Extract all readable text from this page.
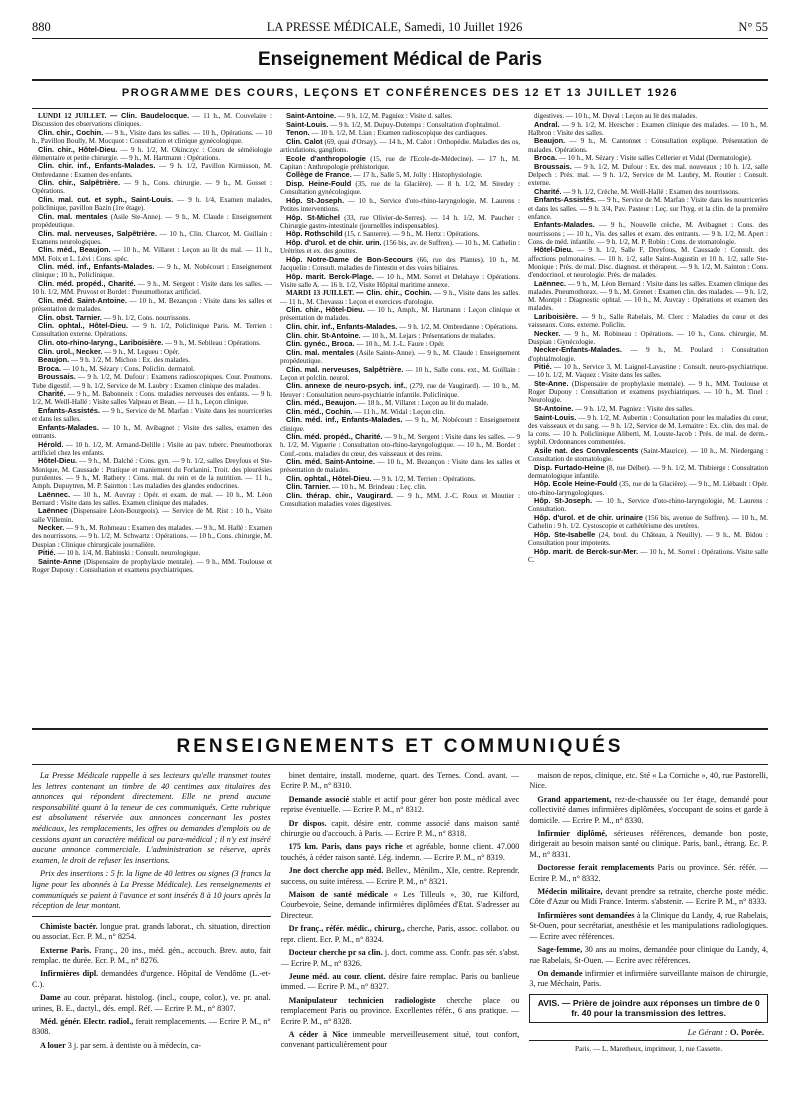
880	LA PRESSE MÉDICALE, Samedi, 10 Juillet 1926	N° 55
Enseignement Médical de Paris
PROGRAMME DES COURS, LEÇONS ET CONFÉRENCES DES 12 ET 13 JUILLET 1926

LUNDI 12 JUILLET. — Clin. Baudelocque. — 11 h., M. Couvelaire : Discussion des observations cliniques.

Clin. chir., Cochin. — 9 h., Visite dans les salles. — 10 h., Opérations. — 10 h., Pavillon Boully, M. Mocquot : Consultation et clinique gynécologique.

Clin. chir., Hôtel-Dieu. — 9 h. 1/2, M. Okinczyc : Cours de séméiologie élémentaire et petite chirurgie. — 9 h., M. Hartmann : Opérations.

Clin. chir. inf., Enfants-Malades. — 9 h. 1/2, Pavillon Kirmisson, M. Ombredanne : Examen des enfants.

Clin. chir., Salpêtrière. — 9 h., Cons. chirurgie. — 9 h., M. Gosset : Opérations.

Clin. mal. cut. et syph., Saint-Louis. — 9 h. 1/4, Examen malades, policlinique, pavillon Bazin (1re étage).

Clin. mal. mentales (Asile Ste-Anne). — 9 h., M. Claude : Enseignement propédeutique.

Clin. mal. nerveuses, Salpêtrière. — 10 h., Clin. Charcot, M. Guillain : Examens neurologiques.

Clin. méd., Beaujon. — 10 h., M. Villaret : Leçon au lit du mal. — 11 h., MM. Foix et L. Lévi : Cons. spéc.

Clin. méd. inf., Enfants-Malades. — 9 h., M. Nobécourt : Enseignement clinique ; 10 h., Policlinique.

Clin. méd. propéd., Charité. — 9 h., M. Sergent : Visite dans les salles. — 10 h. 1/2, MM. Pruvost et Bordet : Pneumothorax artificiel.

Clin. méd. Saint-Antoine. — 10 h., M. Bezançon : Visite dans les salles et présentation de malades.

Clin. obst. Tarnier. — 9 h. 1/2, Cons. nourrissons.

Clin. ophtal., Hôtel-Dieu. — 9 h. 1/2, Policlinique Paris. M. Terrien : Consultation externe. Opérations.

Clin. oto-rhino-laryng., Lariboisière. — 9 h., M. Sebileau : Opérations.

Clin. urol., Necker. — 9 h., M. Legueu : Opér.

Beaujon. — 9 h. 1/2, M. Michon : Ex. des malades.

Broca. — 10 h., M. Sézary : Cons. Policlin. dermatol.

Broussais. — 9 h. 1/2, M. Dufour : Examens radioscopiques. Cour. Poumons. Tube digestif. — 9 h. 1/2, Service de M. Laubry : Examen clinique des malades.

Charité. — 9 h., M. Babonneix : Cons. maladies nerveuses des enfants. — 9 h. 1/2, M. Weill-Hallé : Visite salles Valpeau et Bean. — 11 h., Leçon clinique.

Enfants-Assistés. — 9 h., Service de M. Marfan : Visite dans les nourriceries et dans les salles.

Enfants-Malades. — 10 h., M. Avibagnet : Visite des salles, examen des entrants.

Hérold. — 10 h. 1/2, M. Armand-Delille : Visite au pav. tuberc. Pneumothorax artificiel chez les enfants.

Hôtel-Dieu. — 9 h., M. Dalché : Cons. gyn. — 9 h. 1/2, salles Dreyfous et Ste-Monique, M. Caussade : Pratique et maniement du Forlanini. Troit. des pleurésies purulentes. — 9 h., M. Rathery : Cons. mal. du rein et de la nutrition. — 11 h., Amph. Dupuytren, M. P. Saintton : Les maladies des glandes endocrines.

Laënnec. — 10 h., M. Auvray : Opér. et exam. de mal. — 10 h., M. Léon Bernard : Visite dans les salles. Examen clinique des malades.

Laënnec (Dispensaire Léon-Bourgeois). — Service de M. Rist : 10 h., Visite salle Villemin.

Necker. — 9 h., M. Rohmeau : Examen des malades. — 9 h., M. Hallé : Examen des nourrissons. — 9 h. 1/2, M. Schwartz : Opérations. — 10 h., Cons. chirurgie, M. Duspian : Clinique chirurgicale journalière.

Pitié. — 10 h. 1/4, M. Babinski : Consult. neurologique.

Sainte-Anne (Dispensaire de prophylaxie mentale). — 9 h., MM. Toulouse et Roger Dupouy : Consultation et examens psychiatriques.

Saint-Antoine. — 9 h. 1/2, M. Pagniez : Visite d. salles.

Saint-Louis. — 9 h. 1/2, M. Dupuy-Dutemps : Consultation d'ophtalmol.

Tenon. — 10 h. 1/2, M. Lian : Examen radioscopique des cardiaques.

Clin. Calot (69, quai d'Orsay). — 14 h., M. Calot : Orthopédie. Maladies des os, articulations, ganglions.

Ecole d'anthropologie (15, rue de l'Ecole-de-Médecine). — 17 h., M. Capitan : Anthropologie préhistorique.

Collège de France. — 17 h., Salle 5, M. Jolly : Histophysiologie.

Disp. Heine-Fould (35, rue de la Glacière). — 8 h. 1/2, M. Siredey : Consultation gynécologique.

Hôp. St-Joseph. — 10 h., Service d'oto-rhino-laryngologie, M. Laurens : Petites interventions.

Hôp. St-Michel (33, rue Olivier-de-Serres). — 14 h. 1/2, M. Paucher : Chirurgie gastro-intestinale (journellles indispensables).

Hôp. Rothschild (15, r. Santerre). — 9 h., M. Hertz : Opérations.

Hôp. d'urol. et de chir. urin. (156 bis, av. de Suffren). — 10 h., M. Cathelin : Urétrites et ex. des gouttes.

Hôp. Notre-Dame de Bon-Secours (66, rue des Plantes). 10 h., M. Jacquelin : Consult. maladies de l'intestin et des voies biliaires.

Hôp. marit. Berck-Plage. — 10 h., MM. Sorrel et Delahaye : Opérations. Visite salle A. — 16 h. 1/2, Visite Hôpital maritime annexe.

MARDI 13 JUILLET. — Clin. chir., Cochin. — 9 h., Visite dans les salles. — 11 h., M. Chevassu : Leçon et exercices d'urologie.

Clin. chir., Hôtel-Dieu. — 10 h., Amph., M. Hartmann : Leçon clinique et présentation de malades.

Clin. chir. inf., Enfants-Malades. — 9 h. 1/2, M. Ombredanne : Opérations.

Clin. chir. St-Antoine. — 10 h., M. Lejars : Présentations de malades.

Clin. gynéc., Broca. — 10 h., M. J.-L. Faure : Opér.

Clin. mal. mentales (Asile Sainte-Anne). — 9 h., M. Claude : Enseignement propédeutique.

Clin. mal. nerveuses, Salpêtrière. — 10 h., Salle cons. ext., M. Guillain : Leçon et polclin. neurol.

Clin. annexe de neuro-psych. inf., (279, rue de Vaugirard). — 10 h., M. Heuyer : Consultation neuro-psychiatrie infantile. Policlinique.

Clin. méd., Beaujon. — 18 h., M. Villaret : Leçon au lit du malade.

Clin. méd., Cochin. — 11 h., M. Widal : Leçon clin.

Clin. méd. inf., Enfants-Malades. — 9 h., M. Nobécourt : Enseignement clinique.

Clin. méd. propéd., Charité. — 9 h., M. Sergent : Visite dans les salles. — 9 h. 1/2, M. Viguerie : Consultation oto-rhino-laryngologique. — 10 h., M. Bordet : Conf.-cons. maladies du cœur, des vaisseaux et des reins.

Clin. méd. Saint-Antoine. — 10 h., M. Bezançon : Visite dans les salles et présentation de malades.

Clin. ophtal., Hôtel-Dieu. — 9 h. 1/2, M. Terrien : Opérations.

Clin. Tarnier. — 10 h., M. Brindeau : Leç. clin.

Clin. thérap. chir., Vaugirard. — 9 h., MM. J.-C. Roux et Moutier : Consultation maladies voies digestives.

digestives. — 10 h., M. Duval : Leçon au lit des malades.

Andral. — 9 h. 1/2, M. Herscher : Examen clinique des malades. — 10 h., M. Halbron : Visite des salles.

Beaujon. — 9 h., M. Cantonnet : Consultation explique. Présentation de malades. Opérations.

Broca. — 10 h., M. Sézary : Visite salles Cellerier et Vidal (Dermatologie).

Broussais. — 9 h. 1/2, M. Dufour : Ex. des mal. nouveaux ; 10 h. 1/2, salle Delpech : Prés. mal. — 9 h. 1/2, Service de M. Laubry, M. Routier : Consult. externe.

Charité. — 9 h. 1/2, Crèche, M. Weill-Hallé : Examen des nourrissons.

Enfants-Assistés. — 9 h., Service de M. Marfan : Visite dans les nourriceries et dans les salles. — 9 h. 3/4, Pav. Pasteur : Leç. sur l'hyg. et la clin. de la première enfance.

Enfants-Malades. — 9 h., Nouvelle crèche, M. Avibagnet : Cons. des nourrissons ; — 10 h., Vis. des salles et exam. des entrants. — 9 h. 1/2, M. Apert : Cons. de méd. infantile. — 9 h. 1/2, M. P. Robin : Cons. de stomatologie.

Hôtel-Dieu. — 9 h. 1/2, Salle F. Dreyfous, M. Caussade : Consult. des affections pulmonaires. — 10 h. 1/2, salle Saint-Augustin et 10 h. 1/2, salle Ste-Monique : Prés. de mal. Disc. diagnost. et thérapeut. — 9 h. 1/2, M. Sainton : Cons. d'endocrinol. et neurologie. Prés. de malades.

Laënnec. — 9 h., M. Léon Bernard : Visite dans les salles. Examen clinique des malades. Pneumothorax. — 9 h., M. Grenet : Examen clin. des malades. — 9 h. 1/2, M. Montpit : Diagnostic ophtal. — 10 h., M. Auvray : Opérations et examen des malades.

Lariboisière. — 9 h., Salle Rabelais, M. Clerc : Maladies du cœur et des vaisseaux. Cons. externe. Policlin.

Necker. — 9 h., M. Robineau : Opérations. — 10 h., Cons. chirurgie, M. Duspian : Gynécologie.

Necker-Enfants-Malades. — 9 h., M. Poulard : Consultation d'ophtalmologie.

Pitié. — 10 h., Service 3, M. Laignel-Lavastine : Consult. neuro-psychiatrique. — 10 h. 1/2, M. Vaquez : Visite dans les salles.

Ste-Anne. (Dispensaire de prophylaxie mentale). — 9 h., MM. Toulouse et Roger Dupouy : Consultation et examens psychiatriques. — 10 h., M. Tinel : Neurologie.

St-Antoine. — 9 h. 1/2, M. Pagniez : Visite des salles.

Saint-Louis. — 9 h. 1/2, M. Aubertin : Consultation pour les maladies du cœur, des vaisseaux et du sang. — 9 h. 1/2, Service de M. Lemaitre : Ex. clin. des mal. de la cons. — 10 h. Policlinique Aliberti, M. Louste-Jacob : Prés. de mal. de derm.-syphil. Ordonnances commentées.

Asile nat. des Convalescents (Saint-Maurice). — 10 h., M. Niedergang : Consultation de stomatologie.

Disp. Furtado-Heine (8, rue Delbet). — 9 h. 1/2, M. Thibierge : Consultation dermatologique infantile.

Hôp. Ecole Heine-Fould (35, rue de la Glacière). — 9 h., M. Lièbault : Opér. oto-rhino-laryngologiques.

Hôp. St-Joseph. — 10 h., Service d'oto-rhino-laryngologie, M. Laurens : Consultation.

Hôp. d'urol. et de chir. urinaire (156 bis, avenue de Suffren). — 10 h., M. Cathelin : 9 h. 1/2. Cystoscopie et cathétérisme des uretères.

Hôp. Ste-Isabelle (24, boul. du Château, à Neuilly). — 9 h., M. Bidou : Consultation pour impotents.

Hôp. marit. de Berck-sur-Mer. — 10 h., M. Sorrel : Opérations. Visite salle C.

RENSEIGNEMENTS ET COMMUNIQUÉS

La Presse Médicale rappelle à ses lecteurs qu'elle transmet toutes les lettres contenant un timbre de 40 centimes aux titulaires des annonces qui répondent directement. Elle ne prend aucune responsabilité quant à la teneur de ces communiqués. Cette rubrique est absolument réservée aux annonces concernant les postes médicaux, les remplacements, les offres ou demandes d'emplois ou de cessions ayant un caractère médical ou para-médical ; il n'y est inséré aucune annonce commerciale. L'administration se réserve, après examen, le droit de refuser les insertions.

Prix des insertions : 5 fr. la ligne de 40 lettres ou signes (3 francs la ligne pour les abonnés à La Presse Médicale). Les renseignements et communiqués se paient à l'avance et sont insérés 8 à 10 jours après la réception de leur montant.

Chimiste bactér. longue prat. grands laborat., ch. situation, direction ou associat. Ecr. P. M., n° 8254.

Externe Paris. Franç., 20 ins., méd. gén., accouch. Brev. auto, fait remplac. tte durée. Ecr. P. M., n° 8276.

Infirmières dipl. demandées d'urgence. Hôpital de Vendôme (L.-et-C.).

Dame au cour. préparat. histolog. (incl., coupe, color.), ve. pr. anal. urines, B. E., dactyl., dés. empl. Réf. — Ecrire P. M., n° 8307.

Méd. génér. Electr. radiol., ferait remplacements. — Ecrire P. M., n° 8308.

A louer 3 j. par sem. à dentiste ou à médecin, ca-

binet dentaire, install. moderne, quart. des Ternes. Cond. avant. — Ecrire P. M., n° 8310.

Demande associé stable et actif pour gérer bon poste médical avec reprise éventuelle. — Ecrire P. M., n° 8312.

Dr dispos. capit. désire entr. comme associé dans maison santé chirurgie ou d'accouch. à Paris. — Ecrire P. M., n° 8318.

175 km. Paris, dans pays riche et agréable, bonne client. 47.000 touchés, à céder raison santé. Lég. indemn. — Ecrire P. M., n° 8319.

Jne doct cherche app méd. Bellev., Ménilm., XIe, centre. Reprendr. success, ou suite intéress. — Ecrire P. M., n° 8321.

Maison de santé médicale « Les Tilleuls », 30, rue Kilford, Courbevoie, Seine, demande infirmières diplômées d'Etat. S'adresser au Directeur.

Dr franç., référ. médic., chirurg., cherche, Paris, assoc. collabor. ou repr. client. Ecr. P. M., n° 8324.

Docteur cherche pr sa clin. j. doct. comme ass. Confr. pas sér. s'abst. — Ecrire P. M., n° 8326.

Jeune méd. au cour. client. désire faire remplac. Paris ou banlieue immed. — Ecrire P. M., n° 8327.

Manipulateur technicien radiologiste cherche place ou remplacement Paris ou province. Excellentes référ., 6 ans pratique. — Ecrire P. M., n° 8328.

A céder à Nice immeuble merveilleusement situé, tout confort, convenant particulièrement pour

maison de repos, clinique, etc. Sté « La Corniche », 40, rue Pastorelli, Nice.

Grand appartement, rez-de-chaussée ou 1er étage, demandé pour collectivité dames infirmières diplômées, s'occupant de soins et garde à domicile. — Ecrire P. M., n° 8330.

Infirmier diplômé, sérieuses références, demande bon poste, dirigerait au besoin maison santé ou clinique. Paris, banl., étrang. Ec. P. M., n° 8331.

Doctoresse ferait remplacements Paris ou province. Sér. référ. — Ecrire P. M., n° 8332.

Médecin militaire, devant prendre sa retraite, cherche poste médic. Côte d'Azur ou Midi France. Interm. s'abstenir. — Ecrire P. M., n° 8333.

Infirmières sont demandées à la Clinique du Landy, 4, rue Rabelais, St-Ouen, pour secrétariat, anesthésie et les manipulations radiologiques. — Ecrire avec références.

Sage-femme, 30 ans au moins, demandée pour clinique du Landy, 4, rue Rabelais, St-Ouen. — Ecrire avec références.

On demande infirmier et infirmière surveillante maison de chirurgie, 3, rue Méchain, Paris.

AVIS. — Prière de joindre aux réponses un timbre de 0 fr. 40 pour la transmission des lettres.
Le Gérant : O. Porée.
Paris. — L. Maretheux, imprimeur, 1, rue Cassette.
